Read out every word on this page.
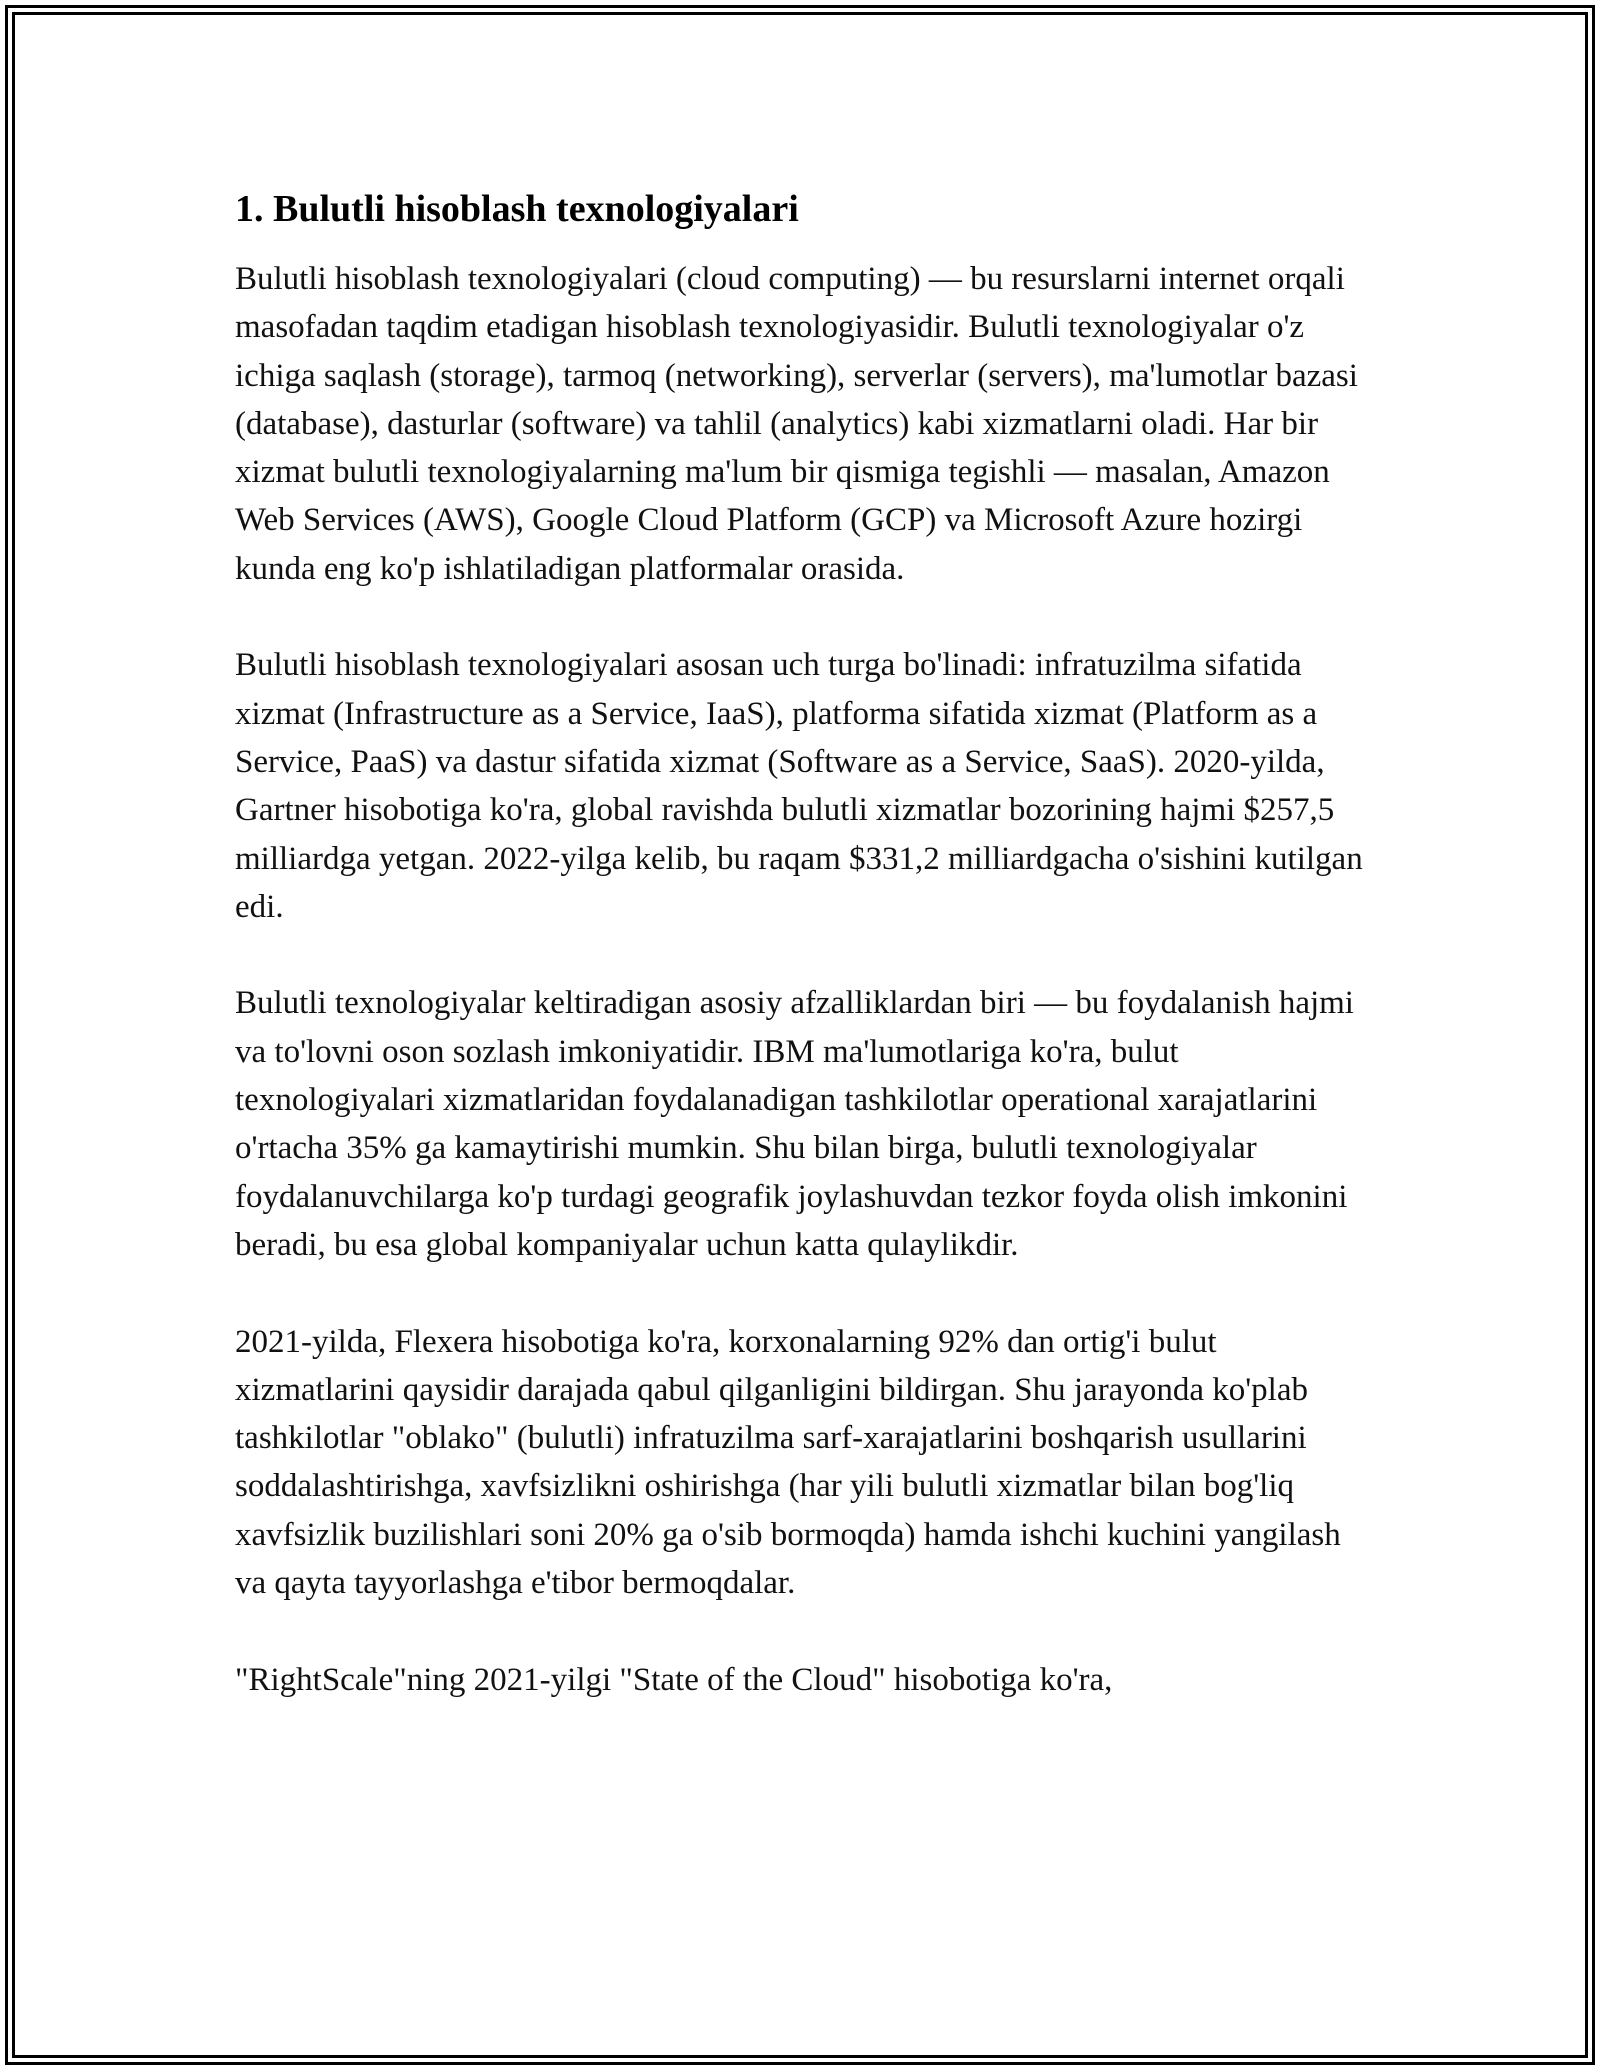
1. Bulutli hisoblash texnologiyalari

Bulutli hisoblash texnologiyalari (cloud computing) — bu resurslarni internet orqali masofadan taqdim etadigan hisoblash texnologiyasidir. Bulutli texnologiyalar o'z ichiga saqlash (storage), tarmoq (networking), serverlar (servers), ma'lumotlar bazasi (database), dasturlar (software) va tahlil (analytics) kabi xizmatlarni oladi. Har bir xizmat bulutli texnologiyalarning ma'lum bir qismiga tegishli — masalan, Amazon Web Services (AWS), Google Cloud Platform (GCP) va Microsoft Azure hozirgi kunda eng ko'p ishlatiladigan platformalar orasida.

Bulutli hisoblash texnologiyalari asosan uch turga bo'linadi: infratuzilma sifatida xizmat (Infrastructure as a Service, IaaS), platforma sifatida xizmat (Platform as a Service, PaaS) va dastur sifatida xizmat (Software as a Service, SaaS). 2020-yilda, Gartner hisobotiga ko'ra, global ravishda bulutli xizmatlar bozorining hajmi $257,5 milliardga yetgan. 2022-yilga kelib, bu raqam $331,2 milliardgacha o'sishini kutilgan edi.

Bulutli texnologiyalar keltiradigan asosiy afzalliklardan biri — bu foydalanish hajmi va to'lovni oson sozlash imkoniyatidir. IBM ma'lumotlariga ko'ra, bulut texnologiyalari xizmatlaridan foydalanadigan tashkilotlar operational xarajatlarini o'rtacha 35% ga kamaytirishi mumkin. Shu bilan birga, bulutli texnologiyalar foydalanuvchilarga ko'p turdagi geografik joylashuvdan tezkor foyda olish imkonini beradi, bu esa global kompaniyalar uchun katta qulaylikdir.

2021-yilda, Flexera hisobotiga ko'ra, korxonalarning 92% dan ortig'i bulut xizmatlarini qaysidir darajada qabul qilganligini bildirgan. Shu jarayonda ko'plab tashkilotlar "oblako" (bulutli) infratuzilma sarf-xarajatlarini boshqarish usullarini soddalashtirishga, xavfsizlikni oshirishga (har yili bulutli xizmatlar bilan bog'liq xavfsizlik buzilishlari soni 20% ga o'sib bormoqda) hamda ishchi kuchini yangilash va qayta tayyorlashga e'tibor bermoqdalar.

"RightScale"ning 2021-yilgi "State of the Cloud" hisobotiga ko'ra,
